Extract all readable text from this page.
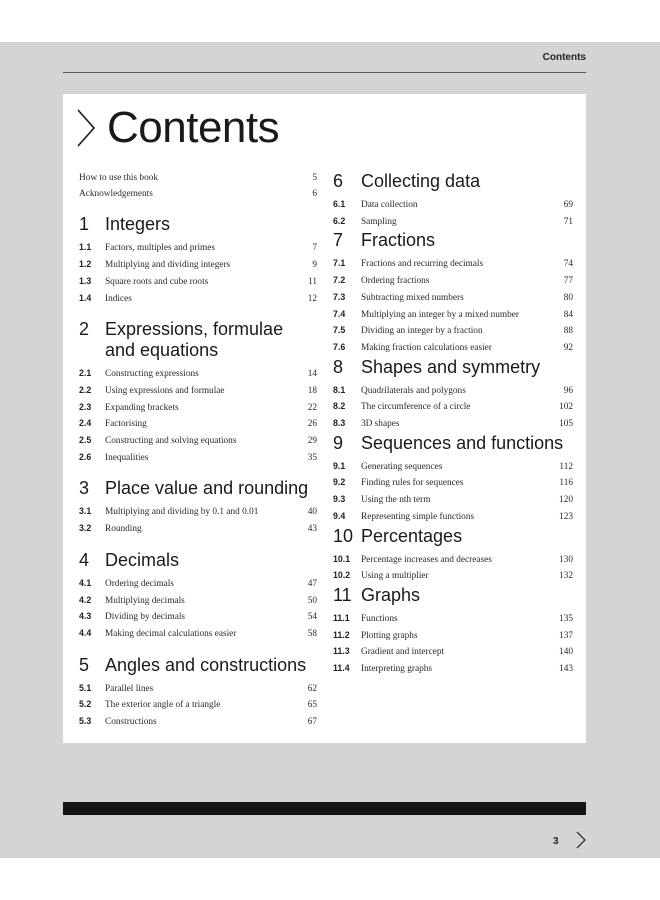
Contents
Contents
How to use this book	5
Acknowledgements	6
1 Integers
1.1	Factors, multiples and primes	7
1.2	Multiplying and dividing integers	9
1.3	Square roots and cube roots	11
1.4	Indices	12
2 Expressions, formulae and equations
2.1	Constructing expressions	14
2.2	Using expressions and formulae	18
2.3	Expanding brackets	22
2.4	Factorising	26
2.5	Constructing and solving equations	29
2.6	Inequalities	35
3 Place value and rounding
3.1	Multiplying and dividing by 0.1 and 0.01	40
3.2	Rounding	43
4 Decimals
4.1	Ordering decimals	47
4.2	Multiplying decimals	50
4.3	Dividing by decimals	54
4.4	Making decimal calculations easier	58
5 Angles and constructions
5.1	Parallel lines	62
5.2	The exterior angle of a triangle	65
5.3	Constructions	67
6 Collecting data
6.1	Data collection	69
6.2	Sampling	71
7 Fractions
7.1	Fractions and recurring decimals	74
7.2	Ordering fractions	77
7.3	Subtracting mixed numbers	80
7.4	Multiplying an integer by a mixed number	84
7.5	Dividing an integer by a fraction	88
7.6	Making fraction calculations easier	92
8 Shapes and symmetry
8.1	Quadrilaterals and polygons	96
8.2	The circumference of a circle	102
8.3	3D shapes	105
9 Sequences and functions
9.1	Generating sequences	112
9.2	Finding rules for sequences	116
9.3	Using the nth term	120
9.4	Representing simple functions	123
10 Percentages
10.1	Percentage increases and decreases	130
10.2	Using a multiplier	132
11 Graphs
11.1	Functions	135
11.2	Plotting graphs	137
11.3	Gradient and intercept	140
11.4	Interpreting graphs	143
3
